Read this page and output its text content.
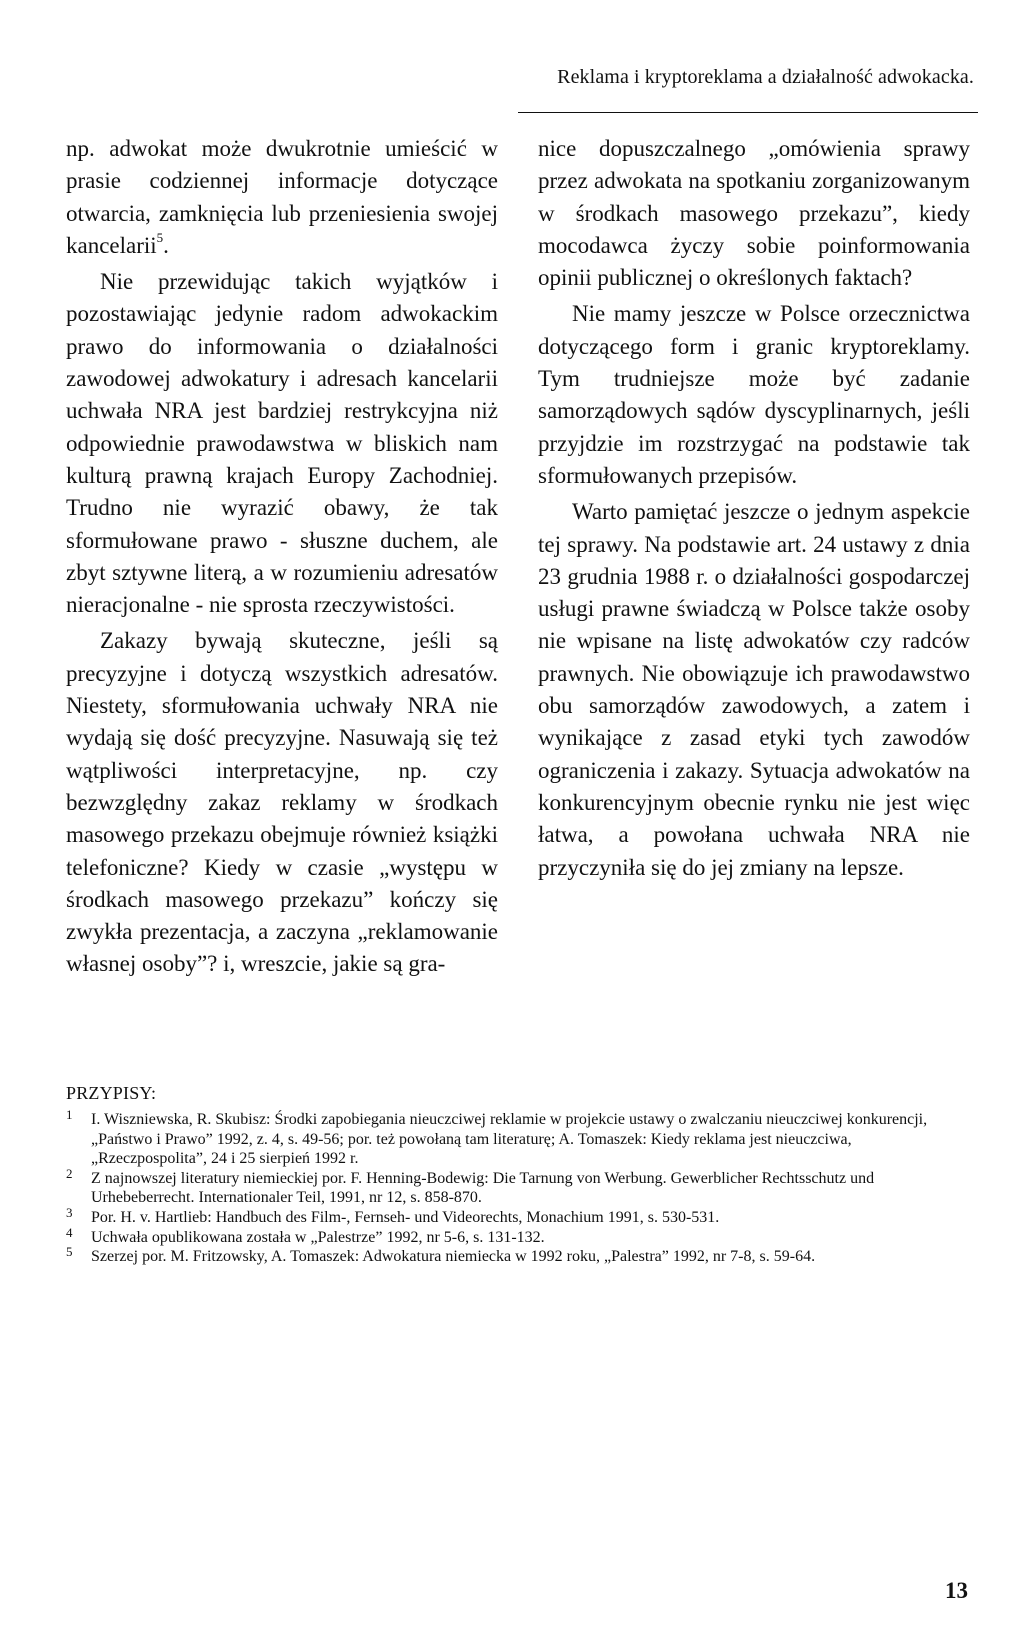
Reklama i kryptoreklama a działalność adwokacka.

np. adwokat może dwukrotnie umieścić w prasie codziennej informacje dotyczące otwarcia, zamknięcia lub przeniesienia swojej kancelarii$^5$.

Nie przewidując takich wyjątków i pozostawiając jedynie radom adwokackim prawo do informowania o działalności zawodowej adwokatury i adresach kancelarii uchwała NRA jest bardziej restrykcyjna niż odpowiednie prawodawstwa w bliskich nam kulturą prawną krajach Europy Zachodniej. Trudno nie wyrazić obawy, że tak sformułowane prawo - słuszne duchem, ale zbyt sztywne literą, a w rozumieniu adresatów nieracjonalne - nie sprosta rzeczywistości.

Zakazy bywają skuteczne, jeśli są precyzyjne i dotyczą wszystkich adresatów. Niestety, sformułowania uchwały NRA nie wydają się dość precyzyjne. Nasuwają się też wątpliwości interpretacyjne, np. czy bezwzględny zakaz reklamy w środkach masowego przekazu obejmuje również książki telefoniczne? Kiedy w czasie „występu w środkach masowego przekazu” kończy się zwykła prezentacja, a zaczyna „reklamowanie własnej osoby”? i, wreszcie, jakie są gra-

nice dopuszczalnego „omówienia sprawy przez adwokata na spotkaniu zorganizowanym w środkach masowego przekazu”, kiedy mocodawca życzy sobie poinformowania opinii publicznej o określonych faktach?

Nie mamy jeszcze w Polsce orzecznictwa dotyczącego form i granic kryptoreklamy. Tym trudniejsze może być zadanie samorządowych sądów dyscyplinarnych, jeśli przyjdzie im rozstrzygać na podstawie tak sformułowanych przepisów.

Warto pamiętać jeszcze o jednym aspekcie tej sprawy. Na podstawie art. 24 ustawy z dnia 23 grudnia 1988 r. o działalności gospodarczej usługi prawne świadczą w Polsce także osoby nie wpisane na listę adwokatów czy radców prawnych. Nie obowiązuje ich prawodawstwo obu samorządów zawodowych, a zatem i wynikające z zasad etyki tych zawodów ograniczenia i zakazy. Sytuacja adwokatów na konkurencyjnym obecnie rynku nie jest więc łatwa, a powołana uchwała NRA nie przyczyniła się do jej zmiany na lepsze.

PRZYPISY:
1 I. Wiszniewska, R. Skubisz: Środki zapobiegania nieuczciwej reklamie w projekcie ustawy o zwalczaniu nieuczciwej konkurencji, „Państwo i Prawo” 1992, z. 4, s. 49-56; por. też powołaną tam literaturę; A. Tomaszek: Kiedy reklama jest nieuczciwa, „Rzeczpospolita”, 24 i 25 sierpień 1992 r.
2 Z najnowszej literatury niemieckiej por. F. Henning-Bodewig: Die Tarnung von Werbung. Gewerblicher Rechtsschutz und Urhebeberrecht. Internationaler Teil, 1991, nr 12, s. 858-870.
3 Por. H. v. Hartlieb: Handbuch des Film-, Fernseh- und Videorechts, Monachium 1991, s. 530-531.
4 Uchwała opublikowana została w „Palestrze” 1992, nr 5-6, s. 131-132.
5 Szerzej por. M. Fritzowsky, A. Tomaszek: Adwokatura niemiecka w 1992 roku, „Palestra” 1992, nr 7-8, s. 59-64.
13
